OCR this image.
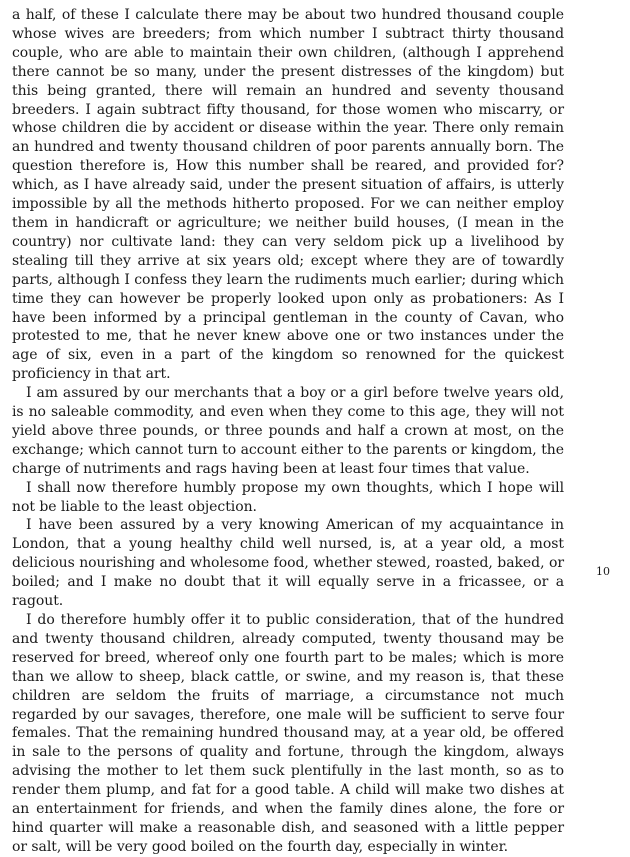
a half, of these I calculate there may be about two hundred thousand couple whose wives are breeders; from which number I subtract thirty thousand couple, who are able to maintain their own children, (although I apprehend there cannot be so many, under the present distresses of the kingdom) but this being granted, there will remain an hundred and seventy thousand breeders. I again subtract fifty thousand, for those women who miscarry, or whose children die by accident or disease within the year. There only remain an hundred and twenty thousand children of poor parents annually born. The question therefore is, How this number shall be reared, and provided for? which, as I have already said, under the present situation of affairs, is utterly impossible by all the methods hitherto proposed. For we can neither employ them in handicraft or agriculture; we neither build houses, (I mean in the country) nor cultivate land: they can very seldom pick up a livelihood by stealing till they arrive at six years old; except where they are of towardly parts, although I confess they learn the rudiments much earlier; during which time they can however be properly looked upon only as probationers: As I have been informed by a principal gentleman in the county of Cavan, who protested to me, that he never knew above one or two instances under the age of six, even in a part of the kingdom so renowned for the quickest proficiency in that art.

I am assured by our merchants that a boy or a girl before twelve years old, is no saleable commodity, and even when they come to this age, they will not yield above three pounds, or three pounds and half a crown at most, on the exchange; which cannot turn to account either to the parents or kingdom, the charge of nutriments and rags having been at least four times that value.

I shall now therefore humbly propose my own thoughts, which I hope will not be liable to the least objection.

I have been assured by a very knowing American of my acquaintance in London, that a young healthy child well nursed, is, at a year old, a most delicious nourishing and wholesome food, whether stewed, roasted, baked, or boiled; and I make no doubt that it will equally serve in a fricassee, or a ragout.

I do therefore humbly offer it to public consideration, that of the hundred and twenty thousand children, already computed, twenty thousand may be reserved for breed, whereof only one fourth part to be males; which is more than we allow to sheep, black cattle, or swine, and my reason is, that these children are seldom the fruits of marriage, a circumstance not much regarded by our savages, therefore, one male will be sufficient to serve four females. That the remaining hundred thousand may, at a year old, be offered in sale to the persons of quality and fortune, through the kingdom, always advising the mother to let them suck plentifully in the last month, so as to render them plump, and fat for a good table. A child will make two dishes at an entertainment for friends, and when the family dines alone, the fore or hind quarter will make a reasonable dish, and seasoned with a little pepper or salt, will be very good boiled on the fourth day, especially in winter.

10
